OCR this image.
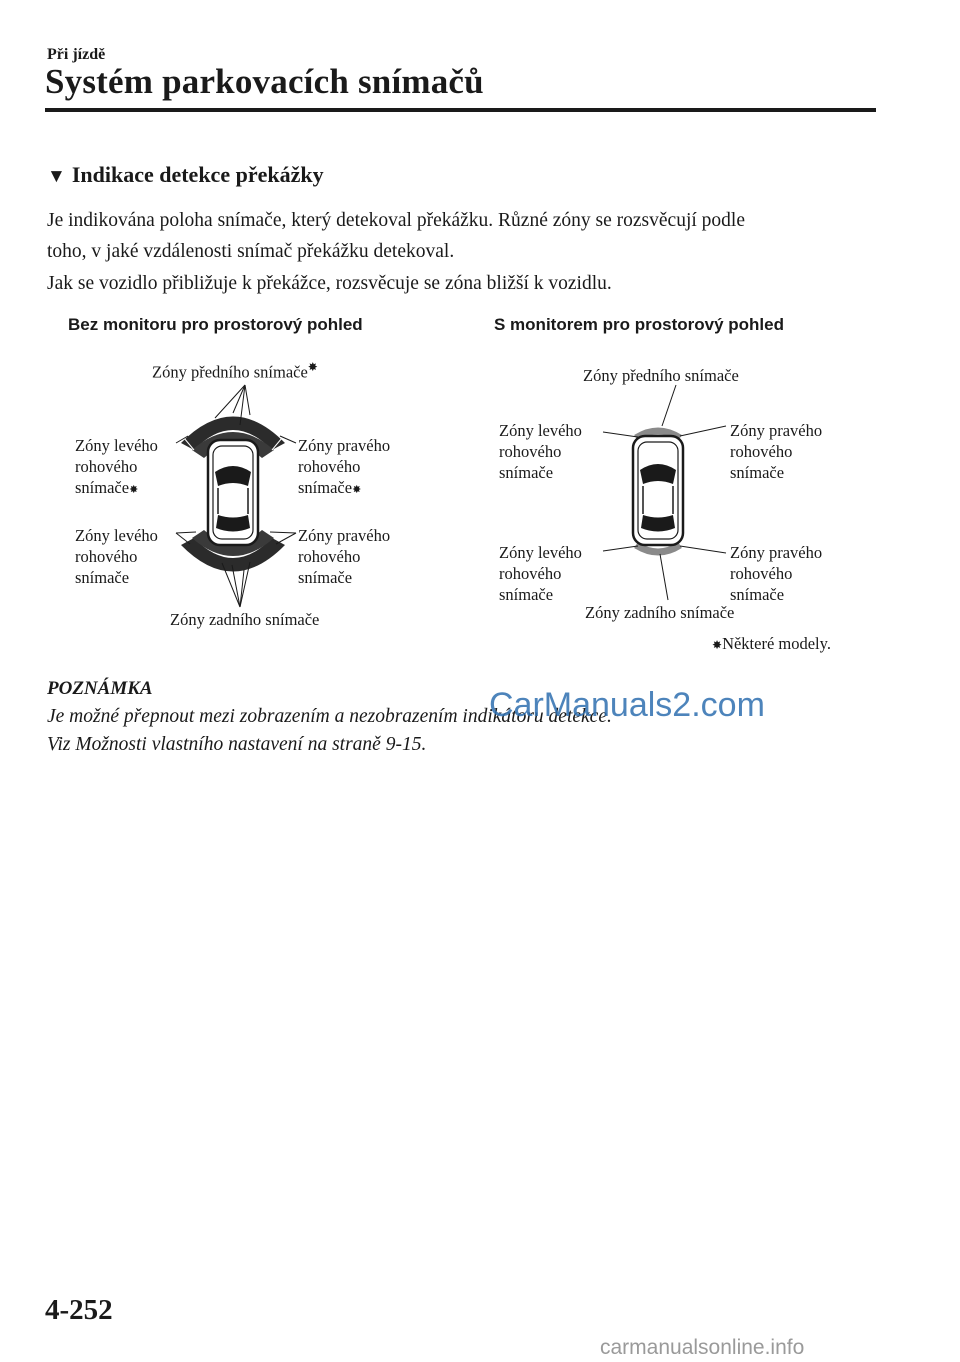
Při jízdě
Systém parkovacích snímačů
▼ Indikace detekce překážky
Je indikována poloha snímače, který detekoval překážku. Různé zóny se rozsvěcují podle
toho, v jaké vzdálenosti snímač překážku detekoval.
Jak se vozidlo přibližuje k překážce, rozsvěcuje se zóna bližší k vozidlu.
Bez monitoru pro prostorový pohled	S monitorem pro prostorový pohled
Zóny předního snímače✸
Zóny levého
rohového
snímače✸
Zóny pravého
rohového
snímače✸
Zóny levého
rohového
snímače
Zóny pravého
rohového
snímače
Zóny zadního snímače
Zóny předního snímače
Zóny levého
rohového
snímače
Zóny pravého
rohového
snímače
Zóny levého
rohového
snímače
Zóny pravého
rohového
snímače
Zóny zadního snímače
✸Některé modely.
POZNÁMKA
Je možné přepnout mezi zobrazením a nezobrazením indikátoru detekce.
Viz Možnosti vlastního nastavení na straně 9-15.
CarManuals2.com
4-252
carmanualsonline.info
